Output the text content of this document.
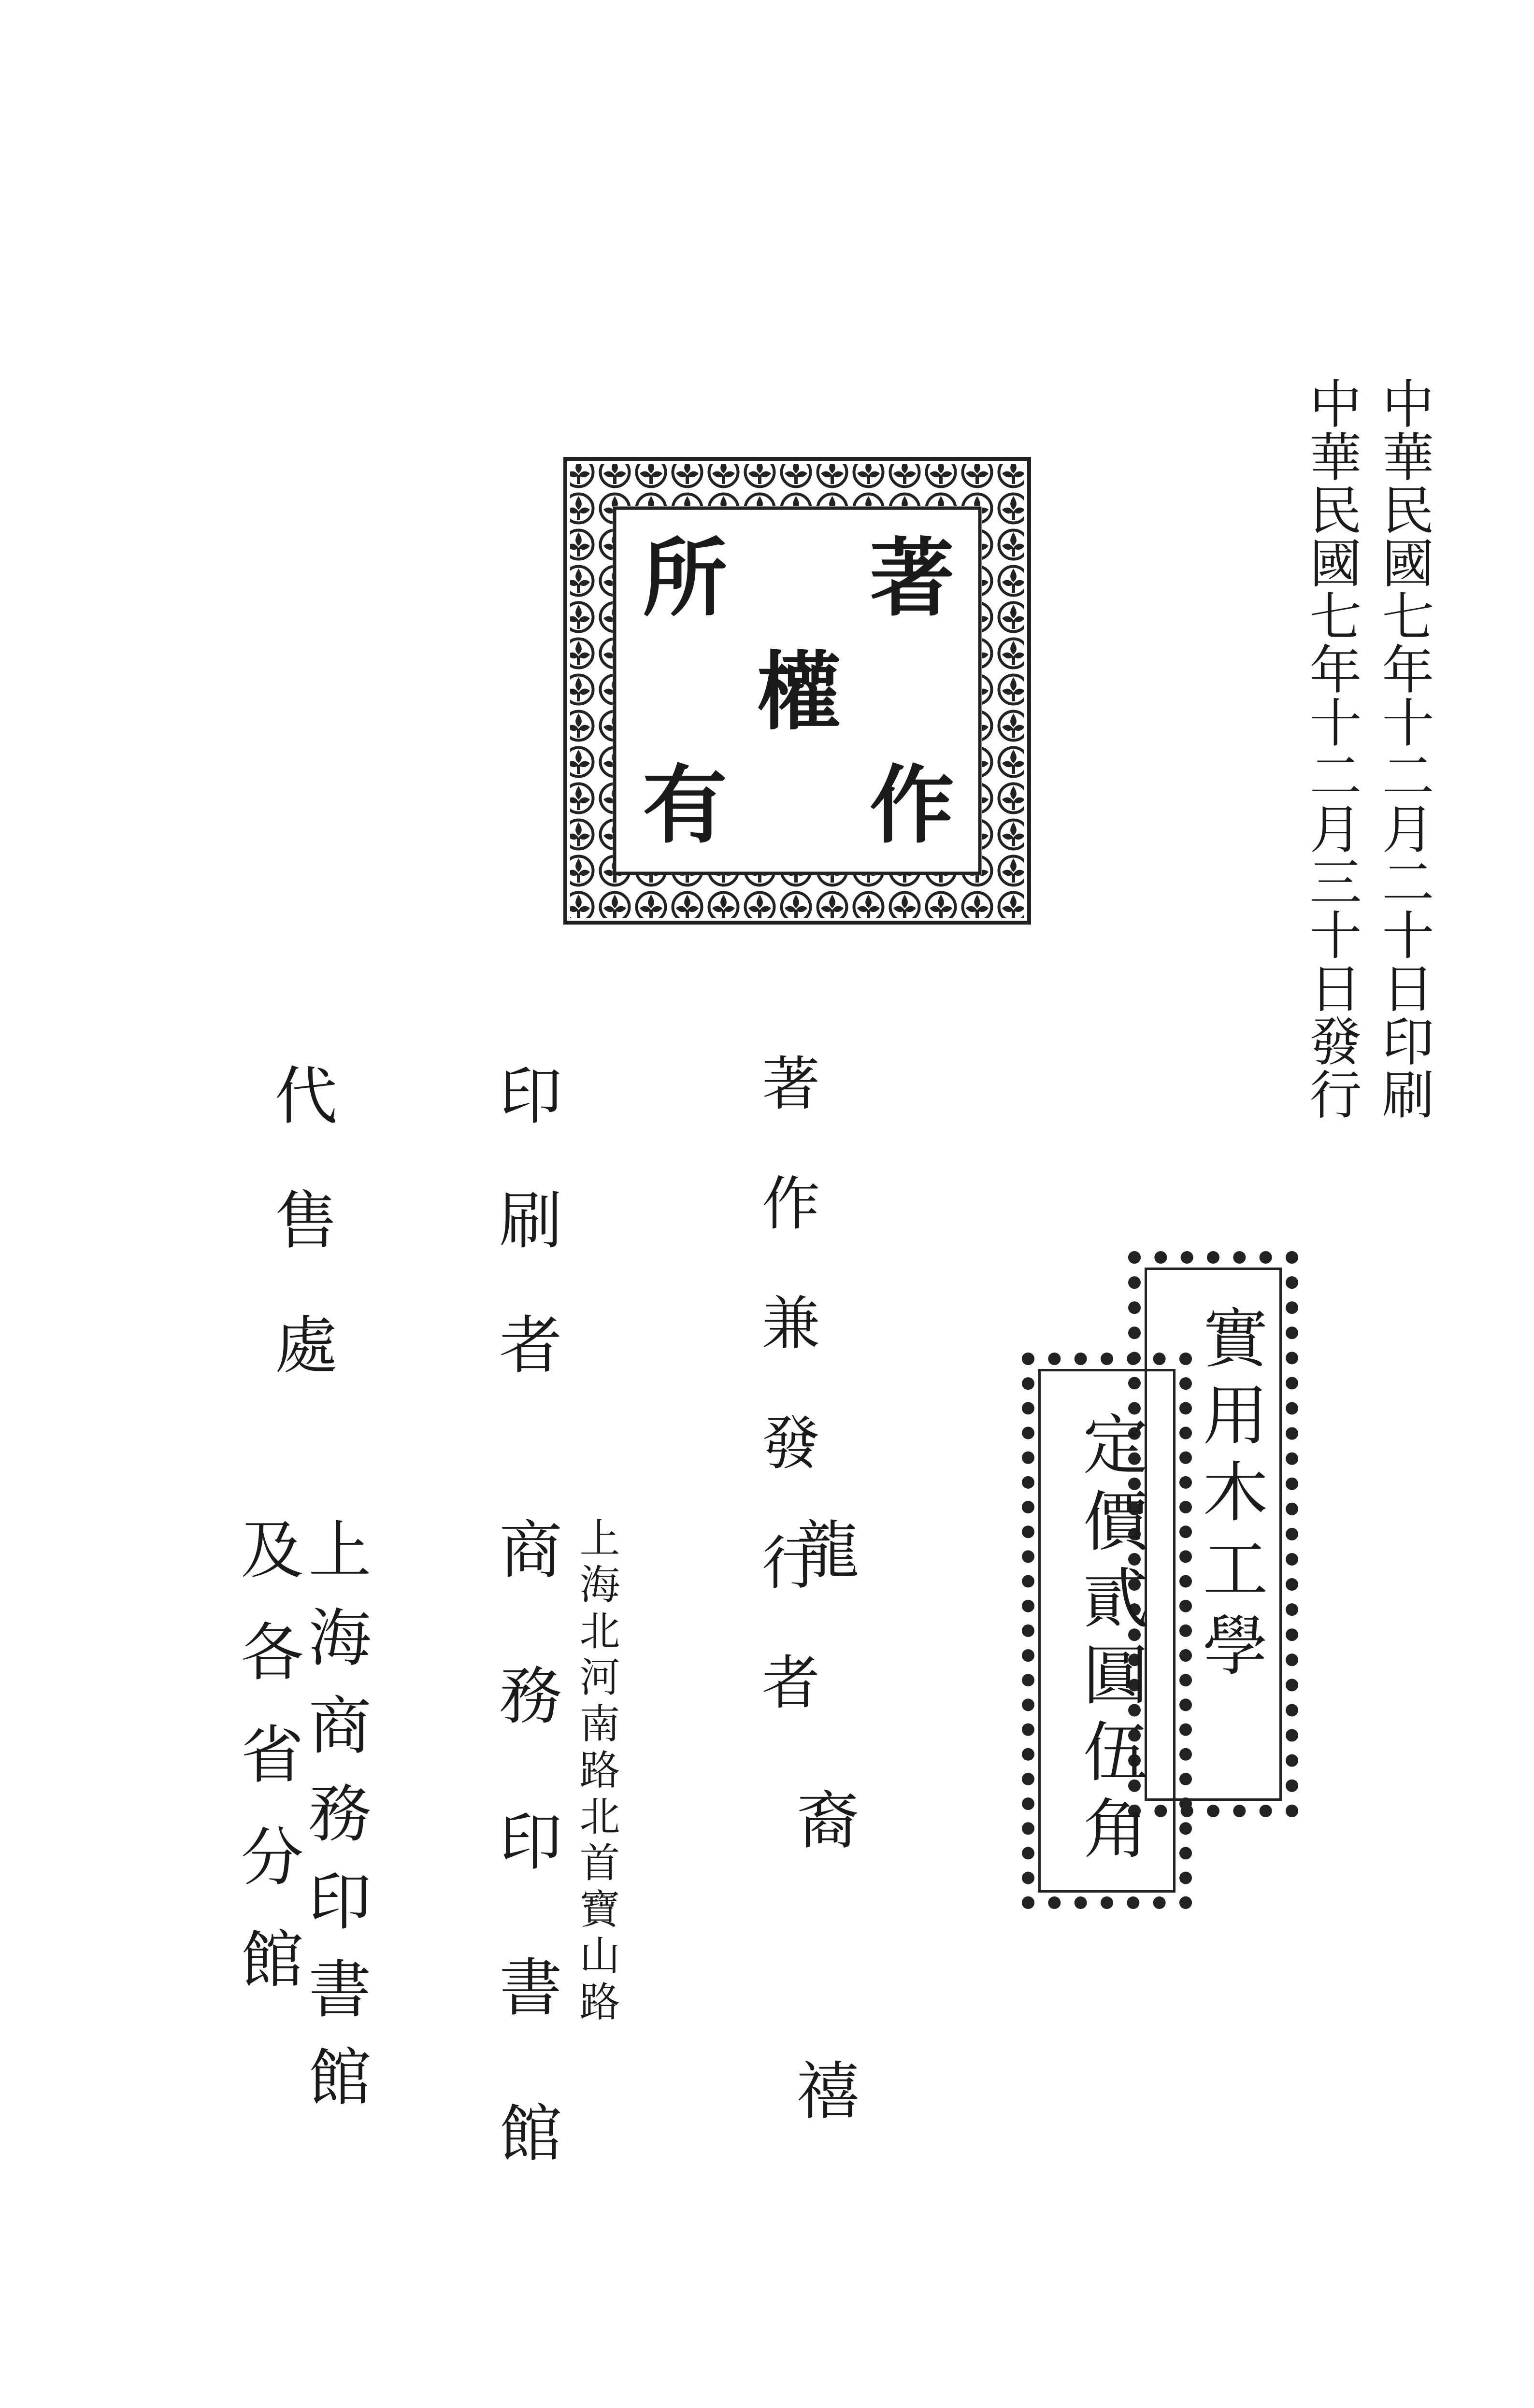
中華民國七年十二月二十日印刷
中華民國七年十二月三十日發行
著
作
權
所
有
實用木工學
定價貳圓伍角
著作兼發行者
龍裔禧
印刷者
商務印書館 上海北河南路北首寶山路
代售處
上海商務印書館
及各省分館
